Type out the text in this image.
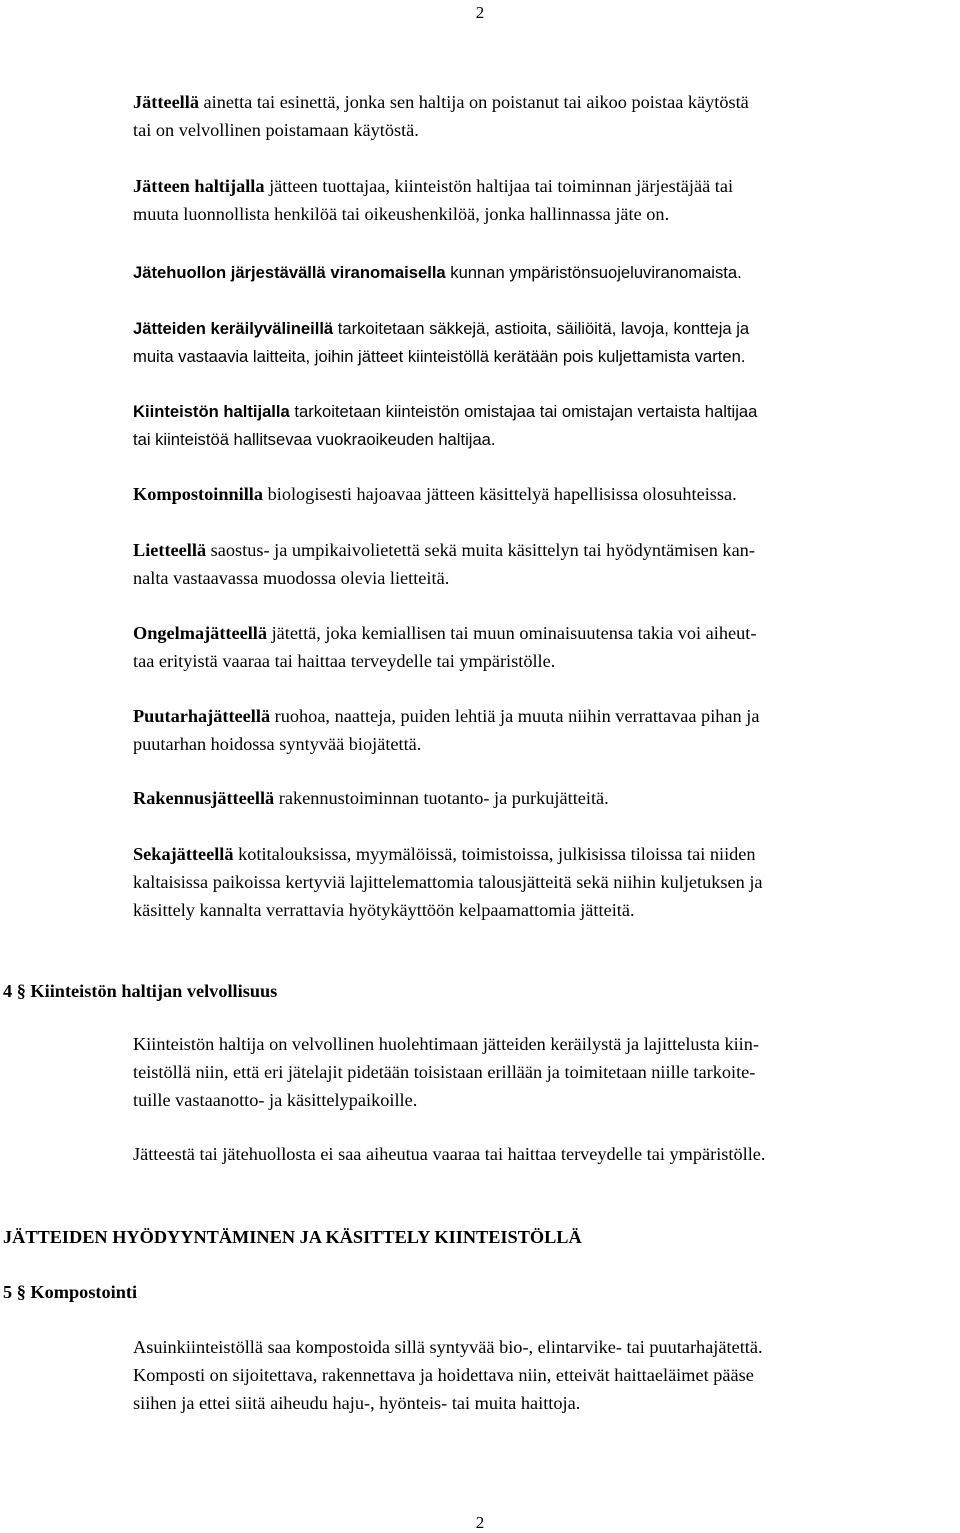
2

Jätteellä ainetta tai esinettä, jonka sen haltija on poistanut tai aikoo poistaa käytöstä
tai on velvollinen poistamaan käytöstä.

Jätteen haltijalla jätteen tuottajaa, kiinteistön haltijaa tai toiminnan järjestäjää tai
muuta luonnollista henkilöä tai oikeushenkilöä, jonka hallinnassa jäte on.

Jätehuollon järjestävällä viranomaisella kunnan ympäristönsuojeluviranomaista.

Jätteiden keräilyvälineillä tarkoitetaan säkkejä, astioita, säiliöitä, lavoja, kontteja ja
muita vastaavia laitteita, joihin jätteet kiinteistöllä kerätään pois kuljettamista varten.

Kiinteistön haltijalla tarkoitetaan kiinteistön omistajaa tai omistajan vertaista haltijaa
tai kiinteistöä hallitsevaa vuokraoikeuden haltijaa.

Kompostoinnilla biologisesti hajoavaa jätteen käsittelyä hapellisissa olosuhteissa.

Lietteellä saostus- ja umpikaivolietettä sekä muita käsittelyn tai hyödyntämisen kan-
nalta vastaavassa muodossa olevia lietteitä.

Ongelmajätteellä jätettä, joka kemiallisen tai muun ominaisuutensa takia voi aiheut-
taa erityistä vaaraa tai haittaa terveydelle tai ympäristölle.

Puutarhajätteellä ruohoa, naatteja, puiden lehtiä ja muuta niihin verrattavaa pihan ja
puutarhan hoidossa syntyvää biojätettä.

Rakennusjätteellä rakennustoiminnan tuotanto- ja purkujätteitä.

Sekajätteellä kotitalouksissa, myymälöissä, toimistoissa, julkisissa tiloissa tai niiden
kaltaisissa paikoissa kertyviä lajittelemattomia talousjätteitä sekä niihin kuljetuksen ja
käsittely kannalta verrattavia hyötykäyttöön kelpaamattomia jätteitä.

4 § Kiinteistön haltijan velvollisuus

Kiinteistön haltija on velvollinen huolehtimaan jätteiden keräilystä ja lajittelusta kiin-
teistöllä niin, että eri jätelajit pidetään toisistaan erillään ja toimitetaan niille tarkoite-
tuille vastaanotto- ja käsittelypaikoille.

Jätteestä tai jätehuollosta ei saa aiheutua vaaraa tai haittaa terveydelle tai ympäristölle.

JÄTTEIDEN HYÖDYYNTÄMINEN JA KÄSITTELY KIINTEISTÖLLÄ
5 § Kompostointi

Asuinkiinteistöllä saa kompostoida sillä syntyvää bio-, elintarvike- tai puutarhajätettä.
Komposti on sijoitettava, rakennettava ja hoidettava niin, etteivät haittaeläimet pääse
siihen ja ettei siitä aiheudu haju-, hyönteis- tai muita haittoja.

2
